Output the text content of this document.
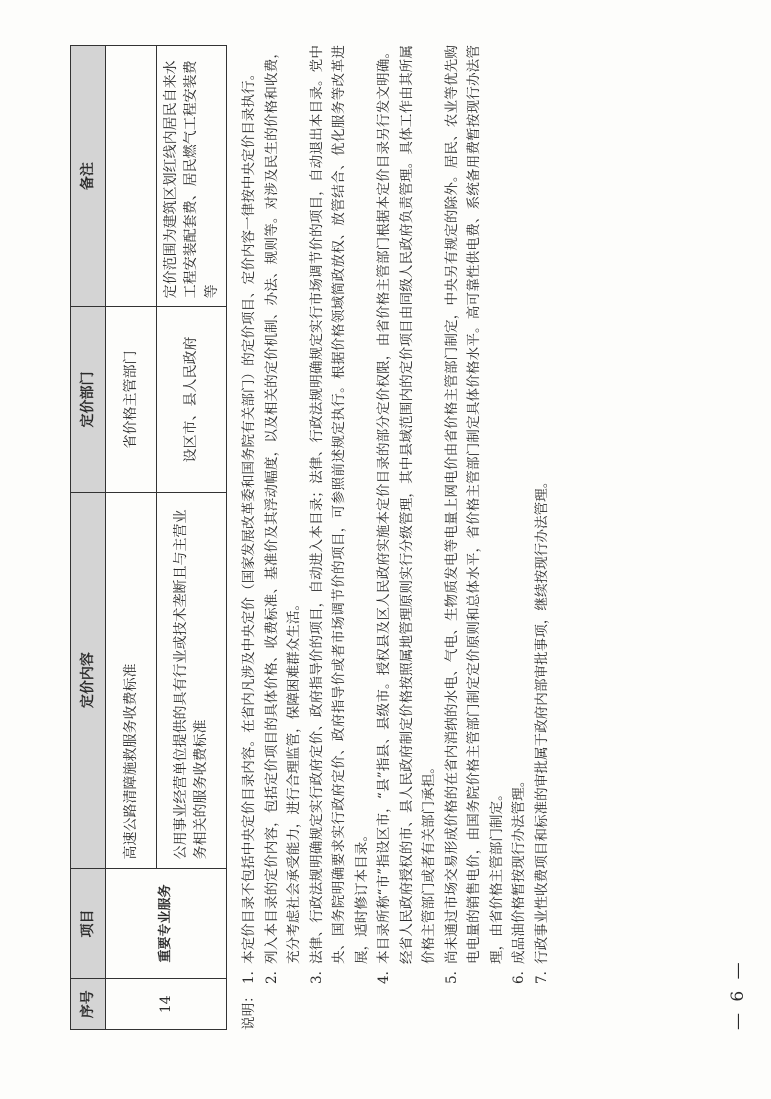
序号	项目	定价内容	定价部门	备注
14	重要专业服务	高速公路清障施救服务收费标准	省价格主管部门	
		公用事业经营单位提供的具有行业或技术垄断且与主营业务相关的服务收费标准	设区市、县人民政府	定价范围为建筑区划红线内居民自来水工程安装配套费、居民燃气工程安装费等
说明：
1.
本定价目录不包括中央定价目录内容。在省内凡涉及中央定价（国家发展改革委和国务院有关部门）的定价项目、定价内容一律按中央定价目录执行。
2.
列入本目录的定价内容，包括定价项目的具体价格、收费标准、基准价及其浮动幅度，以及相关的定价机制、办法、规则等。对涉及民生的价格和收费，充分考虑社会承受能力，进行合理监管，保障困难群众生活。
3.
法律、行政法规明确规定实行政府定价、政府指导价的项目，自动进入本目录；法律、行政法规明确规定实行市场调节价的项目，自动退出本目录。党中央、国务院明确要求实行政府定价、政府指导价或者市场调节价的项目，可参照前述规定执行。根据价格领域简政放权、放管结合、优化服务等改革进展，适时修订本目录。
4.
本目录所称“市”指设区市，“县”指县、县级市。授权县及区人民政府实施本定价目录的部分定价权限，由省价格主管部门根据本定价目录另行发文明确。经省人民政府授权的市、县人民政府制定价格按照属地管理原则实行分级管理，其中县域范围内的定价项目由同级人民政府负责管理。具体工作由其所属价格主管部门或者有关部门承担。
5.
尚未通过市场交易形成价格的在省内消纳的水电、气电、生物质发电等电量上网电价由省价格主管部门制定，中央另有规定的除外。居民、农业等优先购电电量的销售电价，由国务院价格主管部门制定定价原则和总体水平，省价格主管部门制定具体价格水平。高可靠性供电费、系统备用费暂按现行办法管理，由省价格主管部门制定。
6.
成品油价格暂按现行办法管理。
7.
行政事业性收费项目和标准的审批属于政府内部审批事项，继续按现行办法管理。
— 6 —
